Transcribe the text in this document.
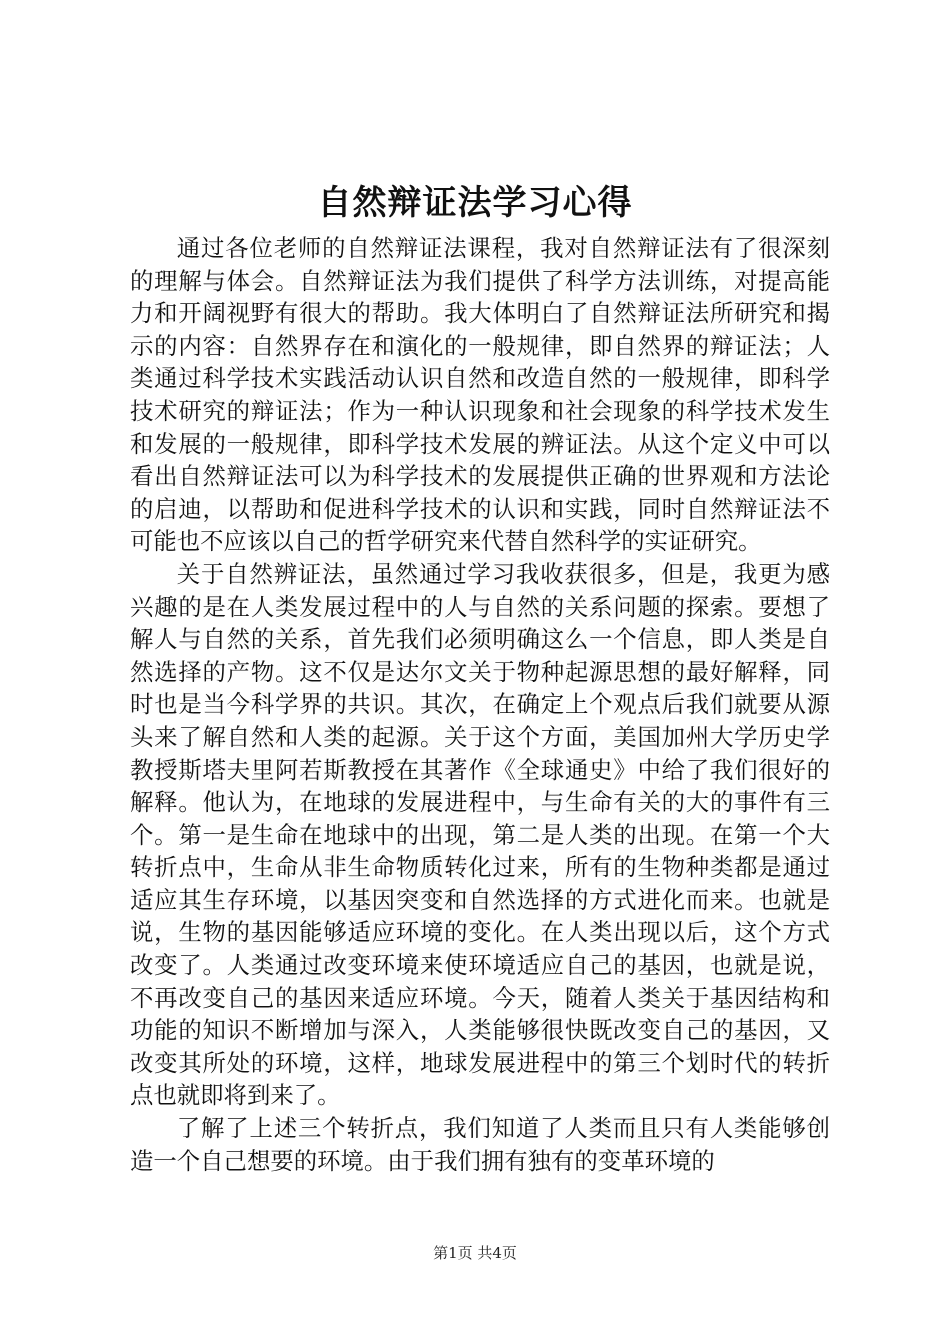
自然辩证法学习心得

通过各位老师的自然辩证法课程，我对自然辩证法有了很深刻的理解与体会。自然辩证法为我们提供了科学方法训练，对提高能力和开阔视野有很大的帮助。我大体明白了自然辩证法所研究和揭示的内容：自然界存在和演化的一般规律，即自然界的辩证法；人类通过科学技术实践活动认识自然和改造自然的一般规律，即科学技术研究的辩证法；作为一种认识现象和社会现象的科学技术发生和发展的一般规律，即科学技术发展的辨证法。从这个定义中可以看出自然辩证法可以为科学技术的发展提供正确的世界观和方法论的启迪，以帮助和促进科学技术的认识和实践，同时自然辩证法不可能也不应该以自己的哲学研究来代替自然科学的实证研究。

关于自然辨证法，虽然通过学习我收获很多，但是，我更为感兴趣的是在人类发展过程中的人与自然的关系问题的探索。要想了解人与自然的关系，首先我们必须明确这么一个信息，即人类是自然选择的产物。这不仅是达尔文关于物种起源思想的最好解释，同时也是当今科学界的共识。其次，在确定上个观点后我们就要从源头来了解自然和人类的起源。关于这个方面，美国加州大学历史学教授斯塔夫里阿若斯教授在其著作《全球通史》中给了我们很好的解释。他认为，在地球的发展进程中，与生命有关的大的事件有三个。第一是生命在地球中的出现，第二是人类的出现。在第一个大转折点中，生命从非生命物质转化过来，所有的生物种类都是通过适应其生存环境，以基因突变和自然选择的方式进化而来。也就是说，生物的基因能够适应环境的变化。在人类出现以后，这个方式改变了。人类通过改变环境来使环境适应自己的基因，也就是说，不再改变自己的基因来适应环境。今天，随着人类关于基因结构和功能的知识不断增加与深入，人类能够很快既改变自己的基因，又改变其所处的环境，这样，地球发展进程中的第三个划时代的转折点也就即将到来了。

了解了上述三个转折点，我们知道了人类而且只有人类能够创造一个自己想要的环境。由于我们拥有独有的变革环境的

第1页 共4页
